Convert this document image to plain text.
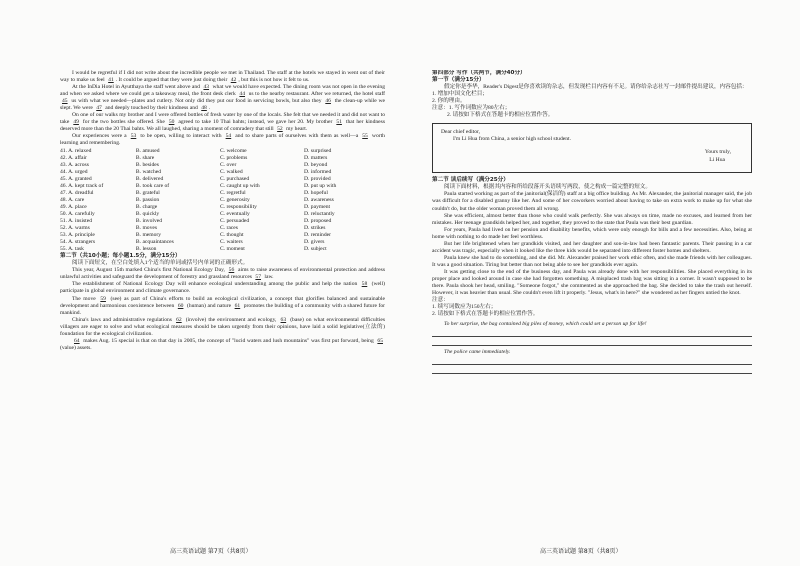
I would be regretful if I did not write about the incredible people we met in Thailand. The staff at the hotels we stayed in went out of their way to make us feel 41 . It could be argued that they were just doing their 42 , but this is not how it felt to us.

At the InDia Hotel in Ayutthaya the staff went above and 43 what we would have expected. The dining room was not open in the evening and when we asked where we could get a takeaway meal, the front desk clerk 44 us to the nearby restaurant. After we returned, the hotel staff 45 us with what we needed—plates and cutlery. Not only did they put our food in servicing bowls, but also they 46 the clean-up while we slept. We were 47 and deeply touched by their kindness and 48 .

On one of our walks my brother and I were offered bottles of fresh water by one of the locals. She felt that we needed it and did not want to take 49 for the two bottles she offered. She 50 agreed to take 10 Thai bahts; instead, we gave her 20. My brother 51 that her kindness deserved more than the 20 Thai bahts. We all laughed, sharing a moment of comradery that still 52 my heart.

Our experiences were a 53 to be open, willing to interact with 54 and to share parts of ourselves with them as well—a 55 worth learning and remembering.

41. A. relaxed	B. amused	C. welcome	D. surprised
42. A. affair	B. share	C. problems	D. matters
43. A. across	B. besides	C. over	D. beyond
44. A. urged	B. watched	C. walked	D. informed
45. A. granted	B. delivered	C. purchased	D. provided
46. A. kept track of	B. took care of	C. caught up with	D. put up with
47. A. dreadful	B. grateful	C. regretful	D. hopeful
48. A. care	B. passion	C. generosity	D. awareness
49. A. place	B. charge	C. responsibility	D. payment
50. A. carefully	B. quickly	C. eventually	D. reluctantly
51. A. insisted	B. involved	C. persuaded	D. proposed
52. A. warms	B. moves	C. races	D. strikes
53. A. principle	B. memory	C. thought	D. reminder
54. A. strangers	B. acquaintances	C. waiters	D. givers
55. A. task	B. lesson	C. moment	D. subject

第二节（共10小题；每小题1.5分，满分15分）

阅读下面短文，在空白处填入1个适当的单词或括号内单词的正确形式。

This year, August 15th marked China's first National Ecology Day, 56 aims to raise awareness of environmental protection and address unlawful activities and safeguard the development of forestry and grassland resources 57 law.

The establishment of National Ecology Day will enhance ecological understanding among the public and help the nation 58 (well) participate in global environment and climate governance.

The move 59 (see) as part of China's efforts to build an ecological civilization, a concept that glorifies balanced and sustainable development and harmonious coexistence between 60 (human) and nature 61 promotes the building of a community with a shared future for mankind.

China's laws and administrative regulations 62 (involve) the environment and ecology, 63 (base) on what environmental difficulties villagers are eager to solve and what ecological measures should be taken urgently from their opinions, have laid a solid legislative(立法的) foundation for the ecological civilization.

64 makes Aug. 15 special is that on that day in 2005, the concept of "lucid waters and lush mountains" was first put forward, being 65 (value) assets.

高三英语试题 第7页（共8页）

第四部分 写作（共两节，满分40分）

第一节（满分15分）

假定你是李华，Reader's Digest是你喜欢读的杂志，但发现栏目内容有不足。请你给杂志社写一封邮件提出建议，内容包括：

1. 增加中国文化栏目；

2. 你的理由。

注意：1. 写作词数应为80左右；

2. 请按如下格式在答题卡的相应位置作答。

Dear chief editor,

I'm Li Hua from China, a senior high school student.

Yours truly,
Li Hua

第二节 读后续写（满分25分）

阅读下面材料，根据其内容和所给段落开头语续写两段，使之构成一篇完整的短文。

Paula started working as part of the janitorial(保洁的) staff at a big office building. As Mr. Alexander, the janitorial manager said, the job was difficult for a disabled granny like her. And some of her coworkers worried about having to take on extra work to make up for what she couldn't do, but the older woman proved them all wrong.

She was efficient, almost better than those who could walk perfectly. She was always on time, made no excuses, and learned from her mistakes. Her teenage grandkids helped her, and together, they proved to the state that Paula was their best guardian.

For years, Paula had lived on her pension and disability benefits, which were only enough for bills and a few necessities. Also, being at home with nothing to do made her feel worthless.

But her life brightened when her grandkids visited, and her daughter and son-in-law had been fantastic parents. Their passing in a car accident was tragic, especially when it looked like the three kids would be separated into different foster homes and shelters.

Paula knew she had to do something, and she did. Mr. Alexander praised her work ethic often, and she made friends with her colleagues. It was a good situation. Tiring but better than not being able to see her grandkids ever again.

It was getting close to the end of the business day, and Paula was already done with her responsibilities. She placed everything in its proper place and looked around in case she had forgotten something. A misplaced trash bag was sitting in a corner. It wasn't supposed to be there. Paula shook her head, smiling. "Someone forgot," she commented as she approached the bag. She decided to take the trash out herself. However, it was heavier than usual. She couldn't even lift it properly. "Jesus, what's in here?" she wondered as her fingers untied the knot.

注意：

1. 续写词数应为150左右；

2. 请按如下格式在答题卡的相应位置作答。

To her surprise, the bag contained big piles of money, which could set a person up for life!

The police came immediately.

高三英语试题 第8页（共8页）
